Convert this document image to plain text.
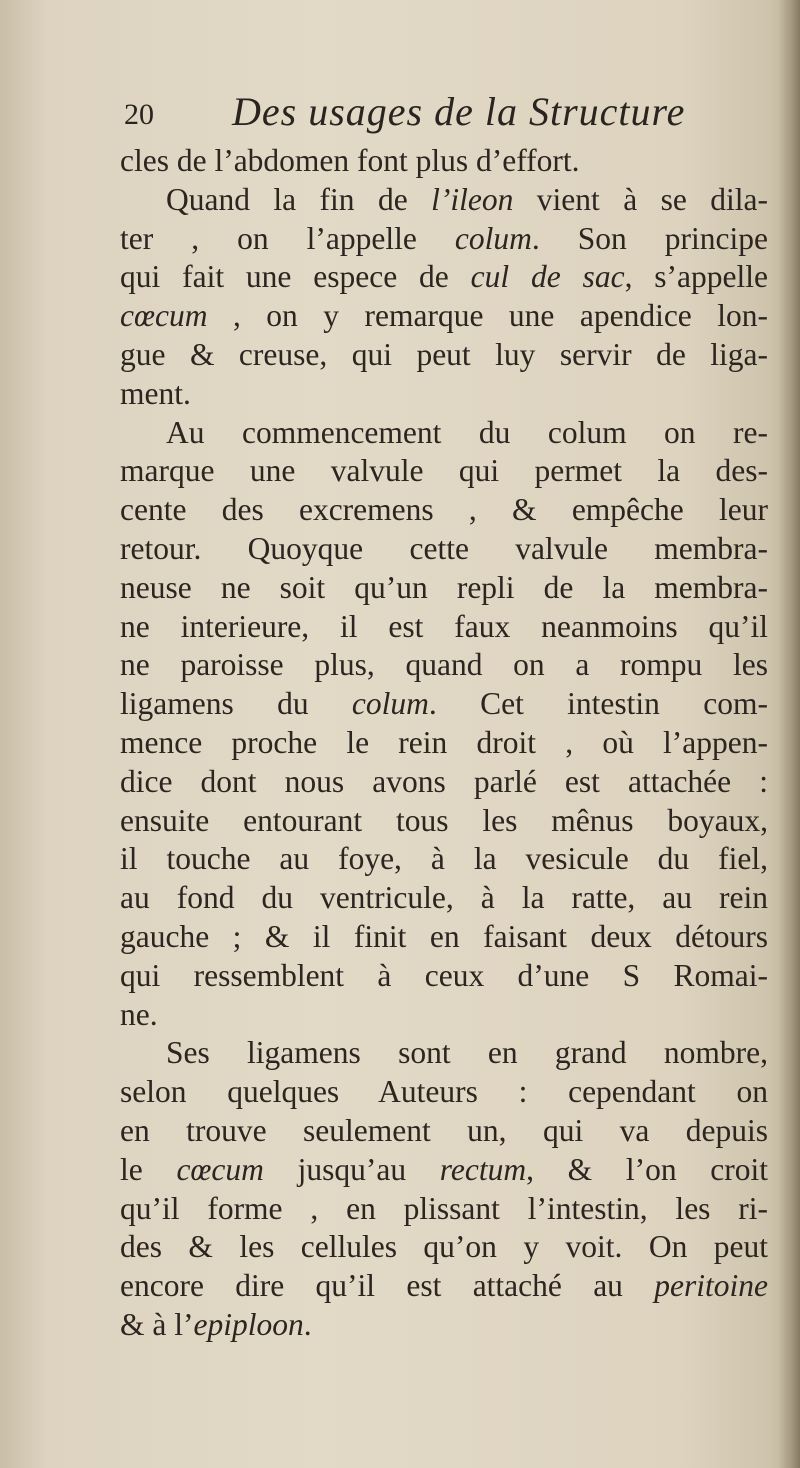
20 Des usages de la Structure
cles de l’abdomen font plus d’effort.
Quand la fin de l’ileon vient à se dila-
ter , on l’appelle colum. Son principe
qui fait une espece de cul de sac, s’appelle
cœcum , on y remarque une apendice lon-
gue & creuse, qui peut luy servir de liga-
ment.
Au commencement du colum on re-
marque une valvule qui permet la des-
cente des excremens , & empêche leur
retour. Quoyque cette valvule membra-
neuse ne soit qu’un repli de la membra-
ne interieure, il est faux neanmoins qu’il
ne paroisse plus, quand on a rompu les
ligamens du colum. Cet intestin com-
mence proche le rein droit , où l’appen-
dice dont nous avons parlé est attachée :
ensuite entourant tous les mênus boyaux,
il touche au foye, à la vesicule du fiel,
au fond du ventricule, à la ratte, au rein
gauche ; & il finit en faisant deux détours
qui ressemblent à ceux d’une S Romai-
ne.
Ses ligamens sont en grand nombre,
selon quelques Auteurs : cependant on
en trouve seulement un, qui va depuis
le cœcum jusqu’au rectum, & l’on croit
qu’il forme , en plissant l’intestin, les ri-
des & les cellules qu’on y voit. On peut
encore dire qu’il est attaché au peritoine
& à l’epiploon.
